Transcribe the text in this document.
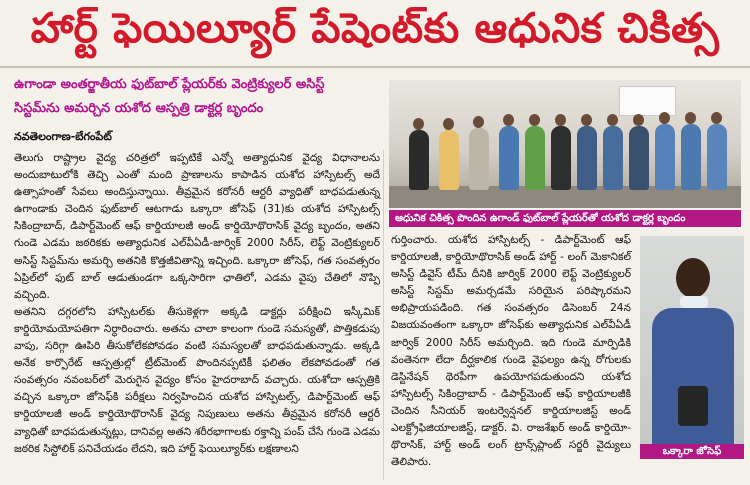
హార్ట్ ఫెయిల్యూర్ పేషెంట్‌కు ఆధునిక చికిత్స
ఉగాండా అంతర్జాతీయ ఫుట్‌బాల్ ప్లేయర్‌కు వెంట్రిక్యులర్ అసిస్ట్
సిస్టమ్‌ను అమర్చిన యశోద ఆస్పత్రి డాక్టర్ల బృందం
నవతెలంగాణ-బేగంపేట్

తెలుగు రాష్ట్రాల వైద్య చరిత్రలో ఇప్పటికే ఎన్నో అత్యాధునిక వైద్య విధానాలను అందుబాటులోకి తెచ్చి ఎంతో మంది ప్రాణాలను కాపాడిన యశోద హాస్పిటల్స్ అదే ఉత్సాహంతో సేవలు అందిస్తున్నాయి. తీవ్రమైన కరోనరీ ఆర్టరీ వ్యాధితో బాధపడుతున్న ఉగాండాకు చెందిన ఫుట్‌బాల్ ఆటగాడు ఒక్కారా జోసెఫ్ (31)కు యశోద హాస్పిటల్స్ సికింద్రాబాద్, డిపార్ట్‌మెంట్ ఆఫ్ కార్డియాలజీ అండ్ కార్డియోథొరాసిక్ వైద్య బృందం, అతని గుండె ఎడమ జఠరికకు అత్యాధునిక ఎల్‌వీఏడీ-జార్విక్ 2000 సిరీస్, లెఫ్ట్ వెంట్రిక్యులర్ అసిస్ట్ సిస్టమ్‌ను అమర్చి అతనికి కొత్తజీవితాన్ని ఇచ్చింది. ఒక్కారా జోసెఫ్, గత సంవత్సరం ఏప్రిల్‌లో ఫుట్ బాల్ ఆడుతుండగా ఒక్కసారిగా ఛాతిలో, ఎడమ వైపు చేతిలో నొప్పి వచ్చింది.

అతనిని దగ్గరలోని హాస్పిటల్‌కు తీసుకెళ్లగా అక్కడి డాక్టర్లు పరీక్షించి ఇస్కీమిక్ కార్డియోమయోపతిగా నిర్ధారించారు. అతను చాలా కాలంగా గుండె సమస్యతో, పొత్తికడుపు వాపు, సరిగ్గా ఊపిరి తీసుకోలేకపోవడం వంటి సమస్యలతో బాధపడుతున్నాడు. అక్కడి అనేక కార్పొరేట్ ఆస్పత్రుల్లో ట్రీట్‌మెంట్ పొందినప్పటికీ ఫలితం లేకపోవడంతో గత సంవత్సరం నవంబర్‌లో మెరుగైన వైద్యం కోసం హైదరాబాద్ వచ్చారు. యశోదా ఆస్పత్రికి వచ్చిన ఒక్కారా జోసెఫ్‌కి పరీక్షలు నిర్వహించిన యశోద హాస్పిటల్స్, డిపార్ట్‌మెంట్ ఆఫ్ కార్డియాలజీ అండ్ కార్డియోథొరాసిక్ వైద్య నిపుణులు అతను తీవ్రమైన కరోనరీ ఆర్టరీ వ్యాధితో బాధపడుతున్నట్లు, దానివల్ల అతని శరీరభాగాలకు రక్తాన్ని పంప్ చేసే గుండె ఎడమ జఠరిక సిస్టోలిక్ పనిచేయడం లేదని, ఇది హార్ట్ ఫెయిల్యూర్‌కు లక్షణాలని

ఆధునిక చికిత్స పొందిన ఉగాండ్ ఫుట్‌బాల్ ప్లేయర్‌తో యశోద డాక్టర్ల బృందం

గుర్తించారు. యశోద హాస్పిటల్స్ - డిపార్ట్‌మెంట్ ఆఫ్ కార్డియాలజీ, కార్డియోథొరాసిక్ అండ్ హార్ట్ - లంగ్ మెకానికల్ అసిస్ట్ డివైస్ టీమ్ దీనికి జార్విక్ 2000 లెఫ్ట్ వెంట్రిక్యులర్ అసిస్ట్ సిస్టమ్ అమర్చడమే సరియైన పరిష్కారమని అభిప్రాయపడింది. గత సంవత్సరం డిసెంబర్ 24న విజయవంతంగా ఒక్కారా జోసెఫ్‌కు అత్యాధునిక ఎల్‌వీఏడీ జార్విక్ 2000 సిరీస్ అమర్చింది. ఇది గుండె మార్పిడికి వంతెనగా లేదా దీర్ఘకాలిక గుండె వైఫల్యం ఉన్న రోగులకు డెస్టినేషన్ థెరపీగా ఉపయోగపడుతుందని యశోద హాస్పిటల్స్ సికింద్రాబాద్ - డిపార్ట్‌మెంట్ ఆఫ్ కార్డియాలజీకి చెందిన సీనియర్ ఇంటర్వెన్షనల్ కార్డియాలజిస్ట్ అండ్ ఎలక్ట్రోఫిజియాలజిస్ట్, డాక్టర్. వి. రాజశేఖర్ అండ్ కార్డియో-థొరాసిక్, హార్ట్ అండ్ లంగ్ ట్రాన్స్‌ప్లాంట్ సర్జరీ వైద్యులు తెలిపారు.

ఒక్కారా జోసెఫ్
